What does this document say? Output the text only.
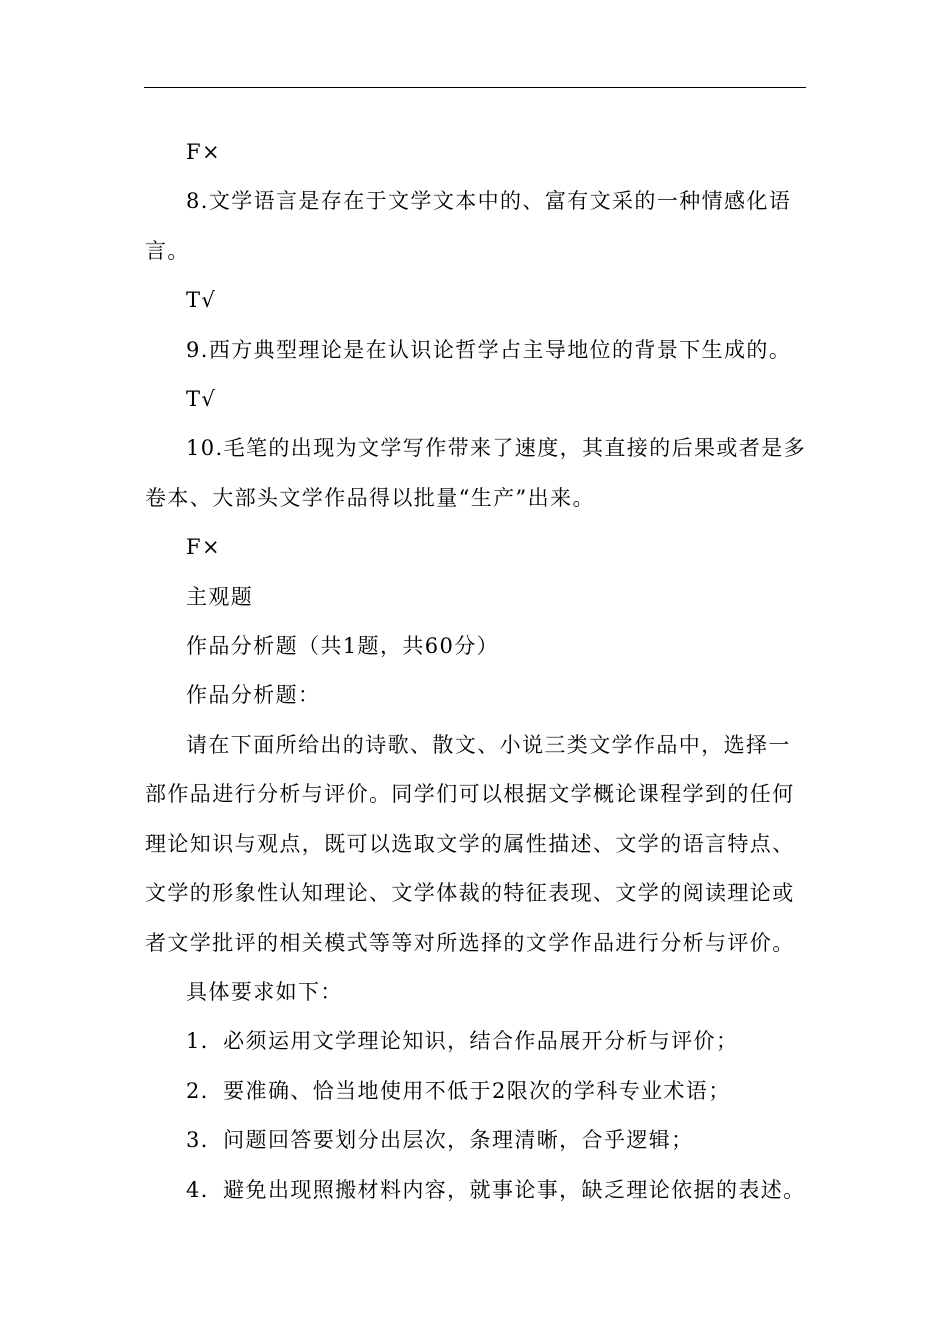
F×

8.文学语言是存在于文学文本中的、富有文采的一种情感化语

言。

T√

9.西方典型理论是在认识论哲学占主导地位的背景下生成的。

T√

10.毛笔的出现为文学写作带来了速度，其直接的后果或者是多

卷本、大部头文学作品得以批量“生产”出来。

F×

主观题

作品分析题（共1题，共60分）

作品分析题：

请在下面所给出的诗歌、散文、小说三类文学作品中，选择一

部作品进行分析与评价。同学们可以根据文学概论课程学到的任何

理论知识与观点，既可以选取文学的属性描述、文学的语言特点、

文学的形象性认知理论、文学体裁的特征表现、文学的阅读理论或

者文学批评的相关模式等等对所选择的文学作品进行分析与评价。

具体要求如下：

1．必须运用文学理论知识，结合作品展开分析与评价；

2．要准确、恰当地使用不低于2限次的学科专业术语；

3．问题回答要划分出层次，条理清晰，合乎逻辑；

4．避免出现照搬材料内容，就事论事，缺乏理论依据的表述。
